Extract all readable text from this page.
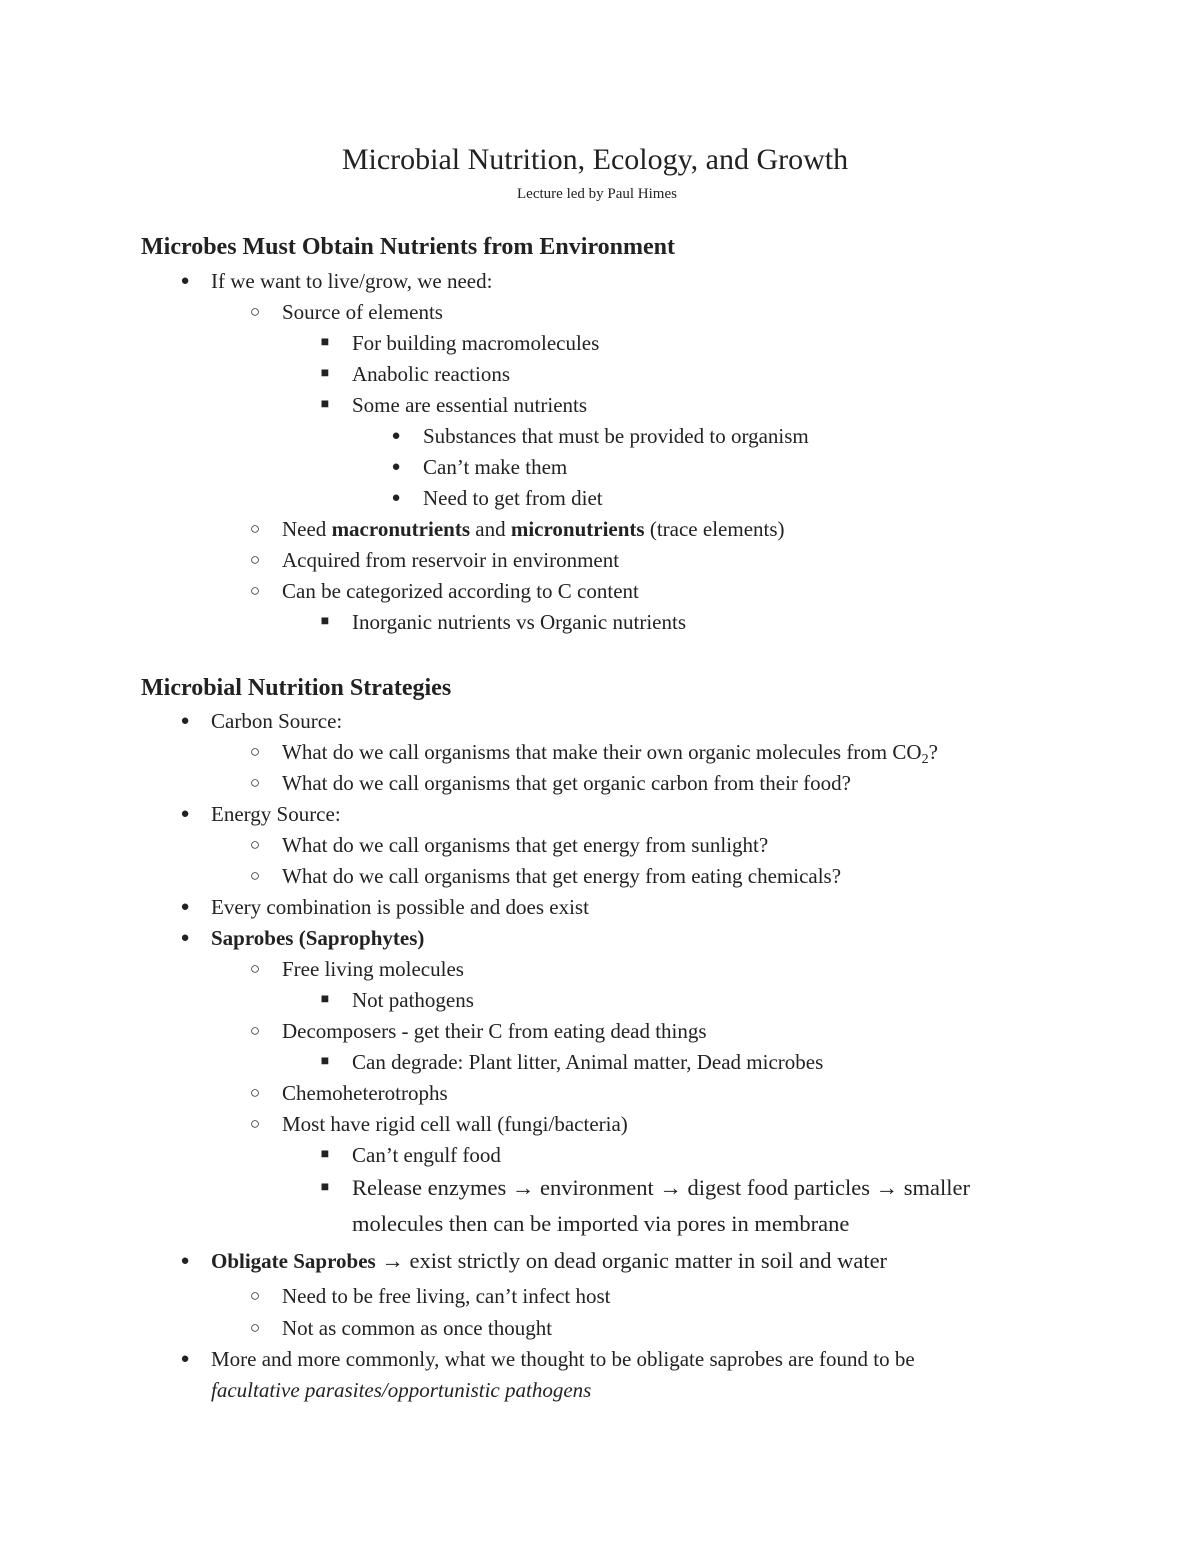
Microbial Nutrition, Ecology, and Growth
Lecture led by Paul Himes
Microbes Must Obtain Nutrients from Environment
●	If we want to live/grow, we need:
○	Source of elements
■	For building macromolecules
■	Anabolic reactions
■	Some are essential nutrients
●	Substances that must be provided to organism
●	Can’t make them
●	Need to get from diet
○	Need macronutrients and micronutrients (trace elements)
○	Acquired from reservoir in environment
○	Can be categorized according to C content
■	Inorganic nutrients vs Organic nutrients
Microbial Nutrition Strategies
●	Carbon Source:
○	What do we call organisms that make their own organic molecules from $CO_2$?
○	What do we call organisms that get organic carbon from their food?
●	Energy Source:
○	What do we call organisms that get energy from sunlight?
○	What do we call organisms that get energy from eating chemicals?
●	Every combination is possible and does exist
●	Saprobes (Saprophytes)
○	Free living molecules
■	Not pathogens
○	Decomposers - get their C from eating dead things
■	Can degrade: Plant litter, Animal matter, Dead microbes
○	Chemoheterotrophs
○	Most have rigid cell wall (fungi/bacteria)
■	Can’t engulf food
■	Release enzymes → environment → digest food particles → smaller
molecules then can be imported via pores in membrane
●	Obligate Saprobes → exist strictly on dead organic matter in soil and water
○	Need to be free living, can’t infect host
○	Not as common as once thought
●	More and more commonly, what we thought to be obligate saprobes are found to be
facultative parasites/opportunistic pathogens
